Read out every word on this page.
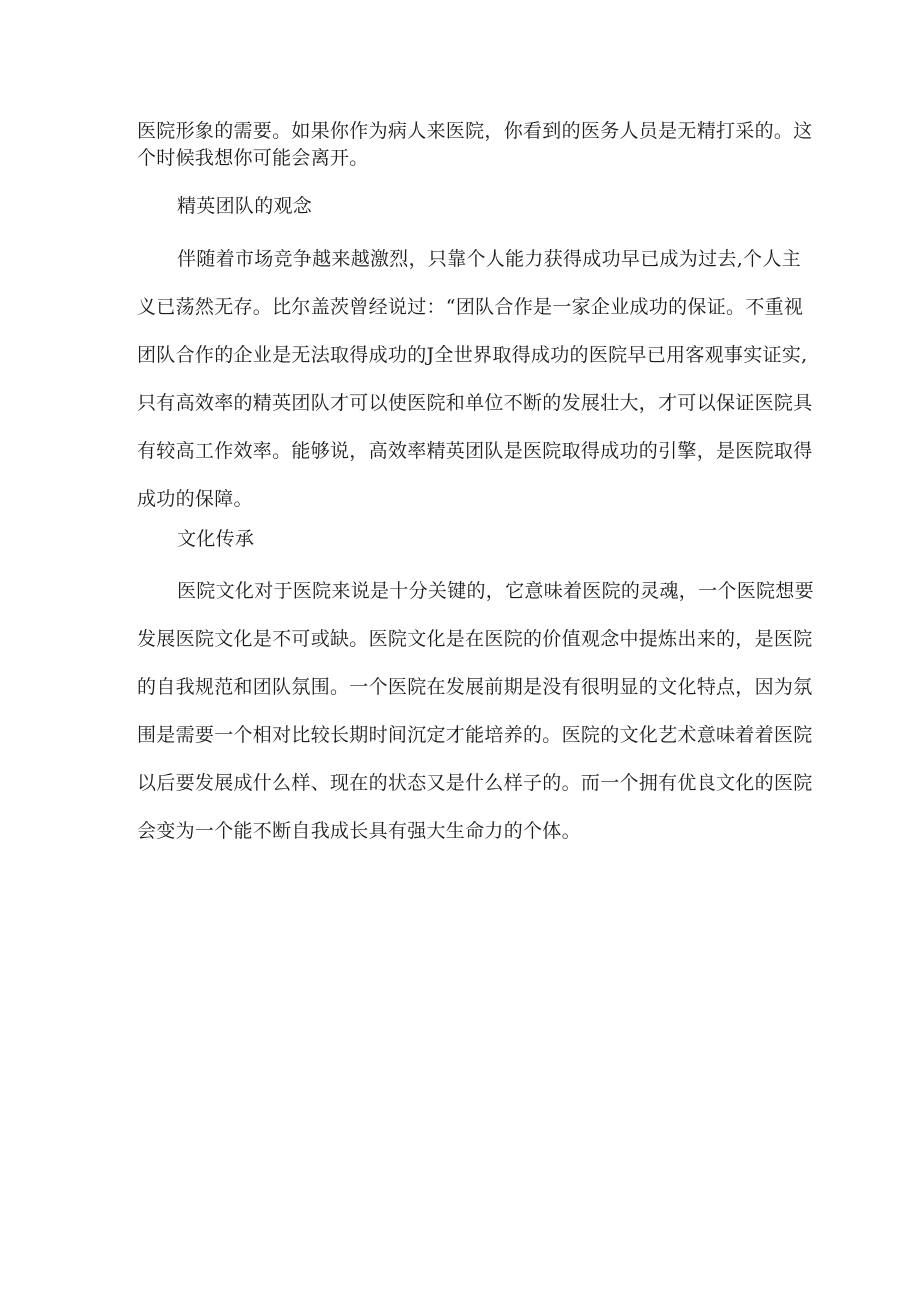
医院形象的需要。如果你作为病人来医院，你看到的医务人员是无精打采的。这

个时候我想你可能会离开。

精英团队的观念

伴随着市场竞争越来越激烈，只靠个人能力获得成功早已成为过去,个人主

义已荡然无存。比尔盖茨曾经说过：“团队合作是一家企业成功的保证。不重视

团队合作的企业是无法取得成功的J全世界取得成功的医院早已用客观事实证实,

只有高效率的精英团队才可以使医院和单位不断的发展壮大，才可以保证医院具

有较高工作效率。能够说，高效率精英团队是医院取得成功的引擎，是医院取得

成功的保障。

文化传承

医院文化对于医院来说是十分关键的，它意味着医院的灵魂，一个医院想要

发展医院文化是不可或缺。医院文化是在医院的价值观念中提炼出来的，是医院

的自我规范和团队氛围。一个医院在发展前期是没有很明显的文化特点，因为氛

围是需要一个相对比较长期时间沉定才能培养的。医院的文化艺术意味着着医院

以后要发展成什么样、现在的状态又是什么样子的。而一个拥有优良文化的医院

会变为一个能不断自我成长具有强大生命力的个体。
